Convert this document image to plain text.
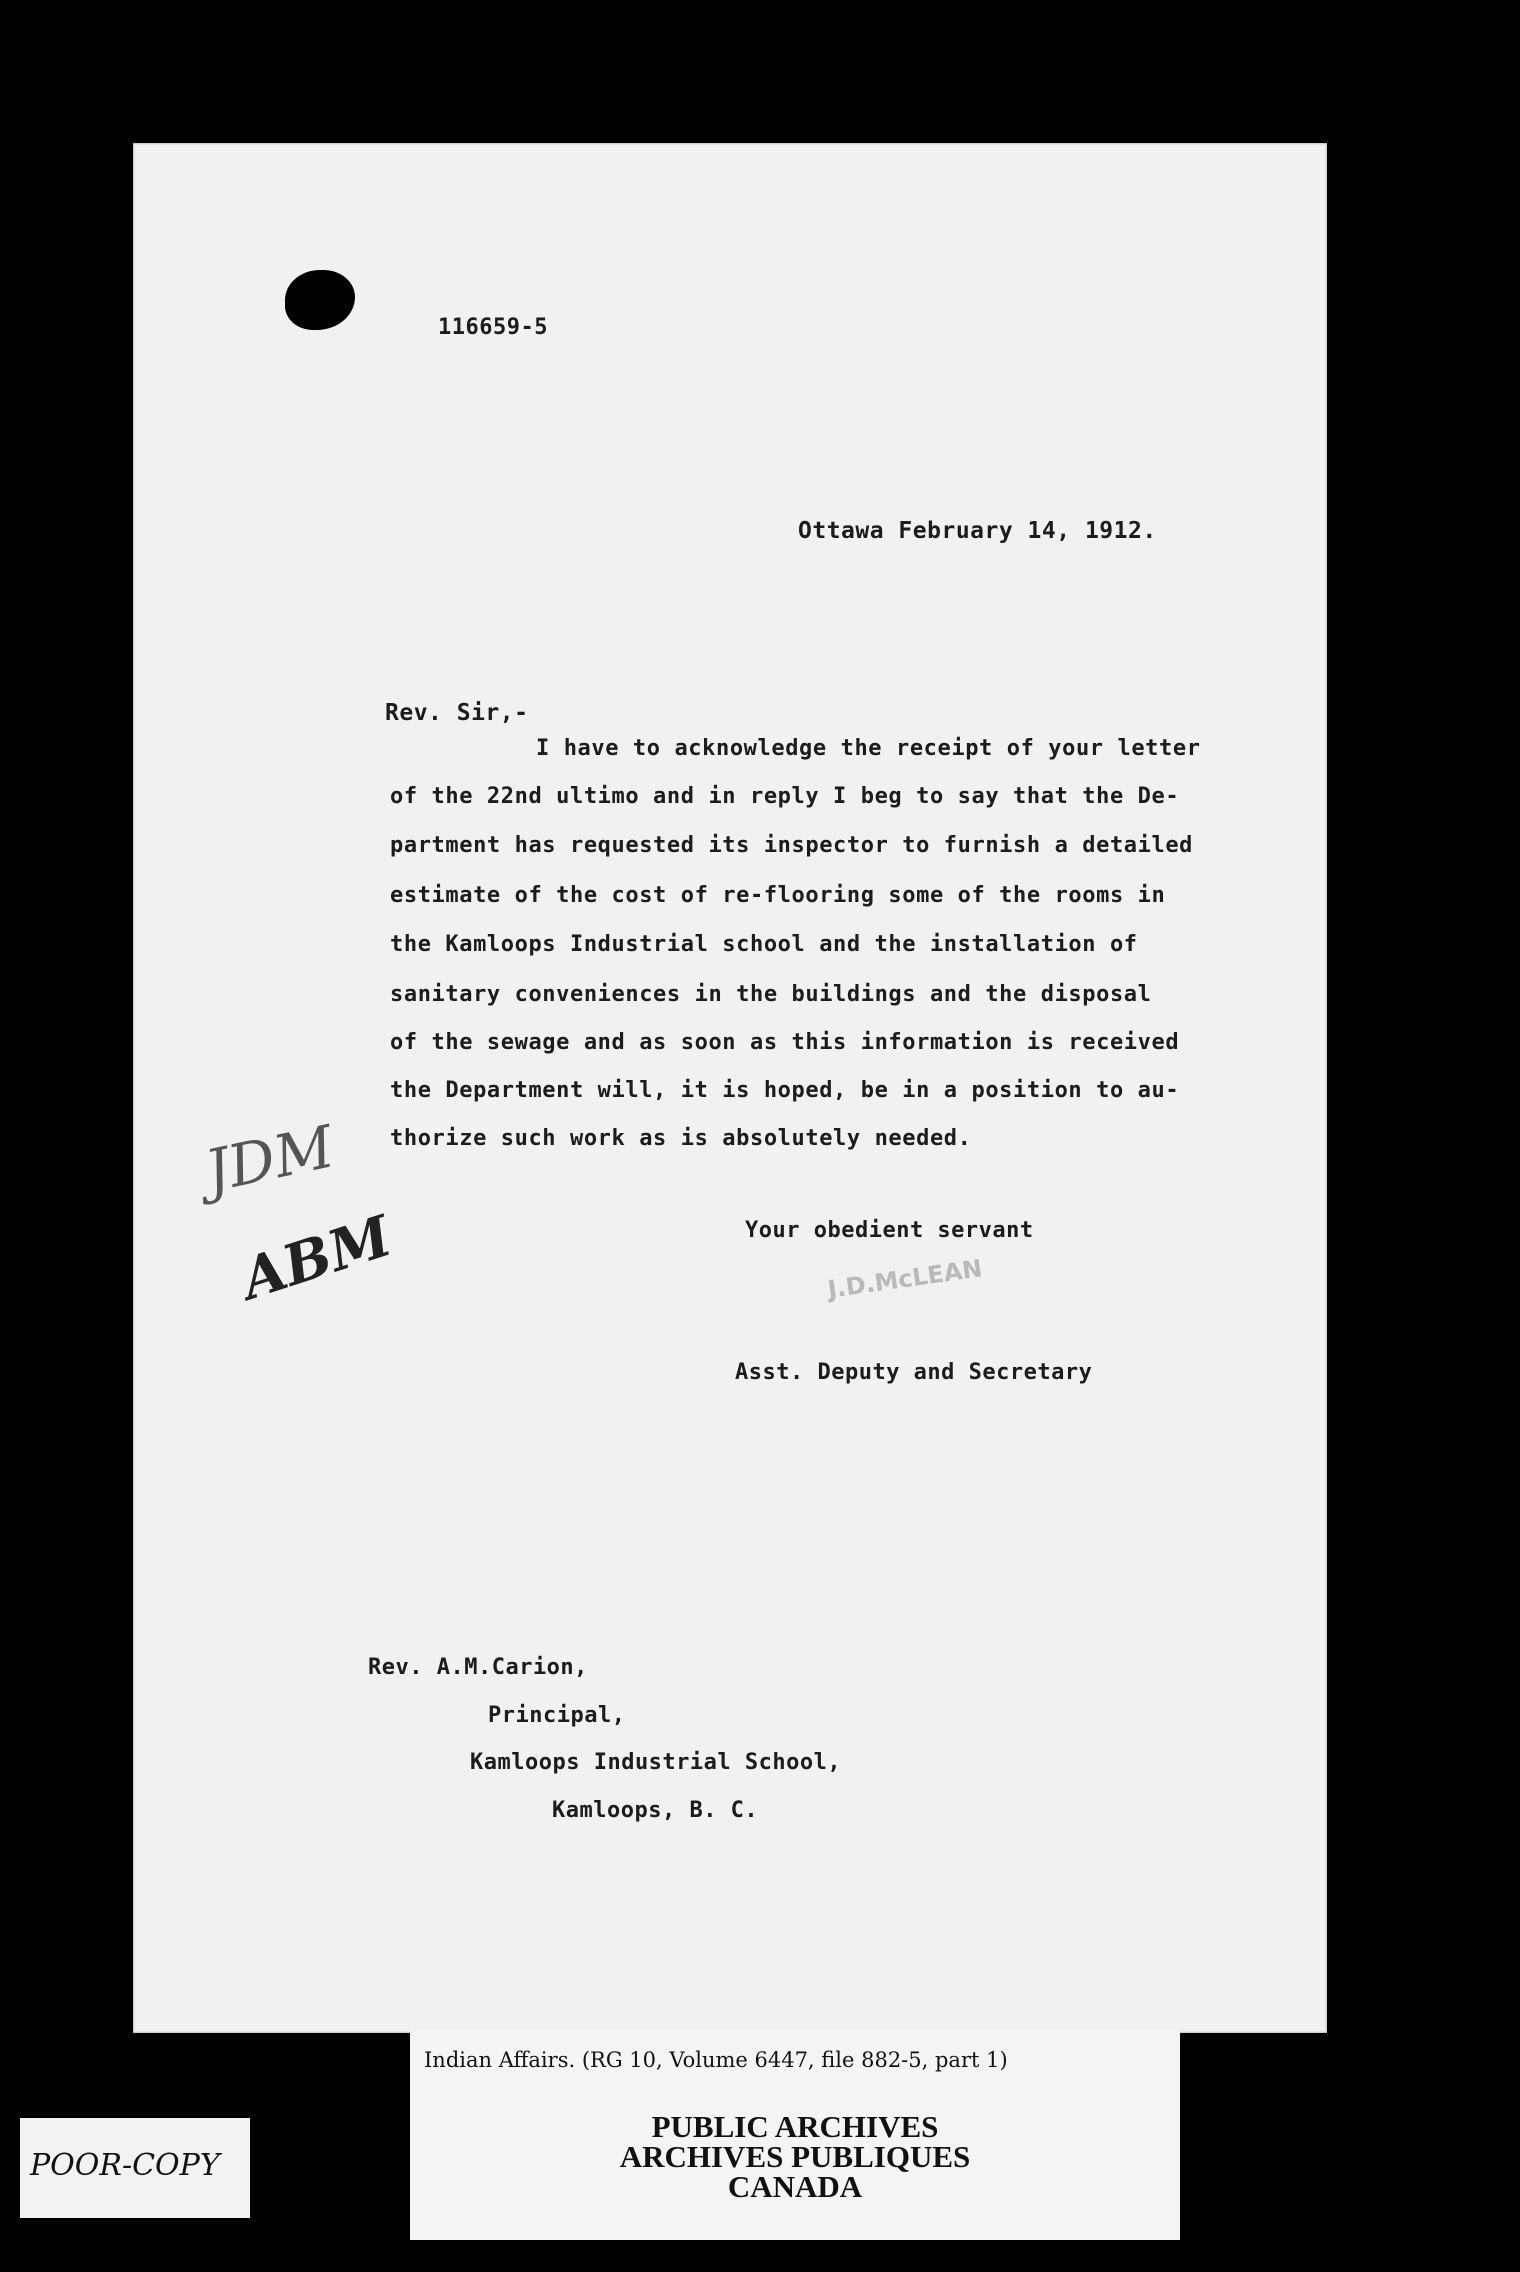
116659-5
Ottawa February 14, 1912.
Rev. Sir,-
I have to acknowledge the receipt of your letter
of the 22nd ultimo and in reply I beg to say that the De-
partment has requested its inspector to furnish a detailed
estimate of the cost of re-flooring some of the rooms in
the Kamloops Industrial school and the installation of
sanitary conveniences in the buildings and the disposal
of the sewage and as soon as this information is received
the Department will, it is hoped, be in a position to au-
thorize such work as is absolutely needed.
Your obedient servant
J.D.McLEAN
Asst. Deputy and Secretary
JDM
ABM
Rev. A.M.Carion,
Principal,
Kamloops Industrial School,
Kamloops, B. C.
Indian Affairs. (RG 10, Volume 6447, file 882-5, part 1)
PUBLIC ARCHIVES
ARCHIVES PUBLIQUES
CANADA
POOR-COPY
